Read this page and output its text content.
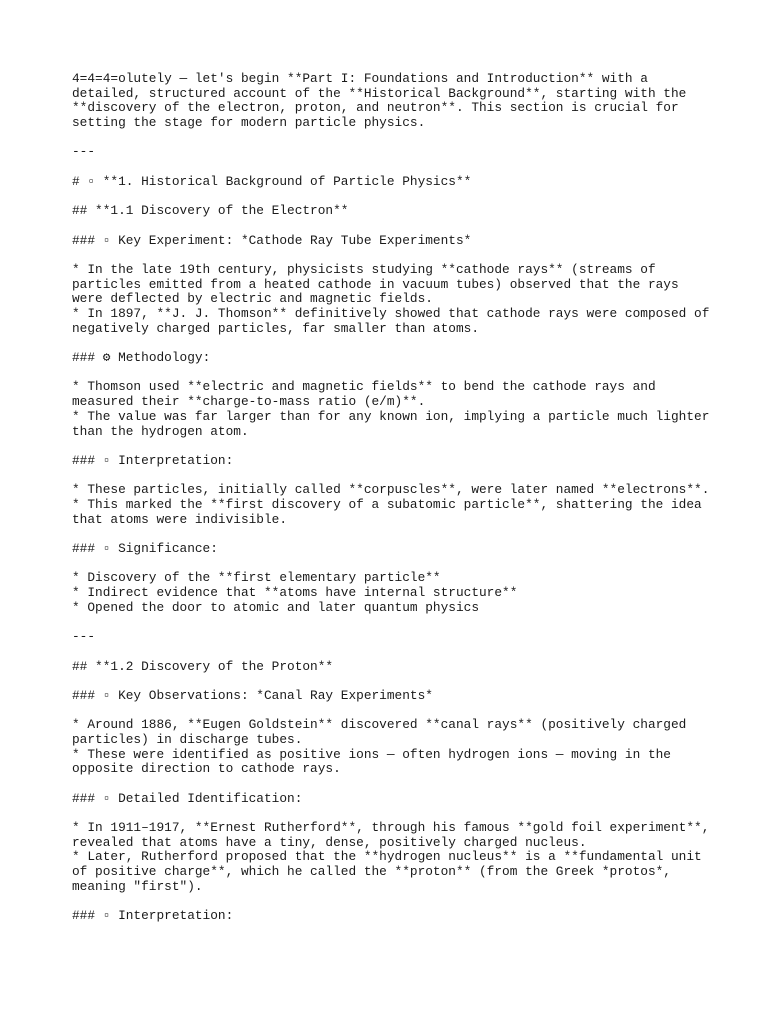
4=4=4=olutely — let's begin **Part I: Foundations and Introduction** with a
detailed, structured account of the **Historical Background**, starting with the
**discovery of the electron, proton, and neutron**. This section is crucial for
setting the stage for modern particle physics.
---
# ▫ **1. Historical Background of Particle Physics**
## **1.1 Discovery of the Electron**
### ▫ Key Experiment: *Cathode Ray Tube Experiments*
* In the late 19th century, physicists studying **cathode rays** (streams of
particles emitted from a heated cathode in vacuum tubes) observed that the rays
were deflected by electric and magnetic fields.
* In 1897, **J. J. Thomson** definitively showed that cathode rays were composed of
negatively charged particles, far smaller than atoms.
### ⚙ Methodology:
* Thomson used **electric and magnetic fields** to bend the cathode rays and
measured their **charge-to-mass ratio (e/m)**.
* The value was far larger than for any known ion, implying a particle much lighter
than the hydrogen atom.
### ▫ Interpretation:
* These particles, initially called **corpuscles**, were later named **electrons**.
* This marked the **first discovery of a subatomic particle**, shattering the idea
that atoms were indivisible.
### ▫ Significance:
* Discovery of the **first elementary particle**
* Indirect evidence that **atoms have internal structure**
* Opened the door to atomic and later quantum physics
---
## **1.2 Discovery of the Proton**
### ▫ Key Observations: *Canal Ray Experiments*
* Around 1886, **Eugen Goldstein** discovered **canal rays** (positively charged
particles) in discharge tubes.
* These were identified as positive ions — often hydrogen ions — moving in the
opposite direction to cathode rays.
### ▫ Detailed Identification:
* In 1911–1917, **Ernest Rutherford**, through his famous **gold foil experiment**,
revealed that atoms have a tiny, dense, positively charged nucleus.
* Later, Rutherford proposed that the **hydrogen nucleus** is a **fundamental unit
of positive charge**, which he called the **proton** (from the Greek *protos*,
meaning "first").
### ▫ Interpretation:
